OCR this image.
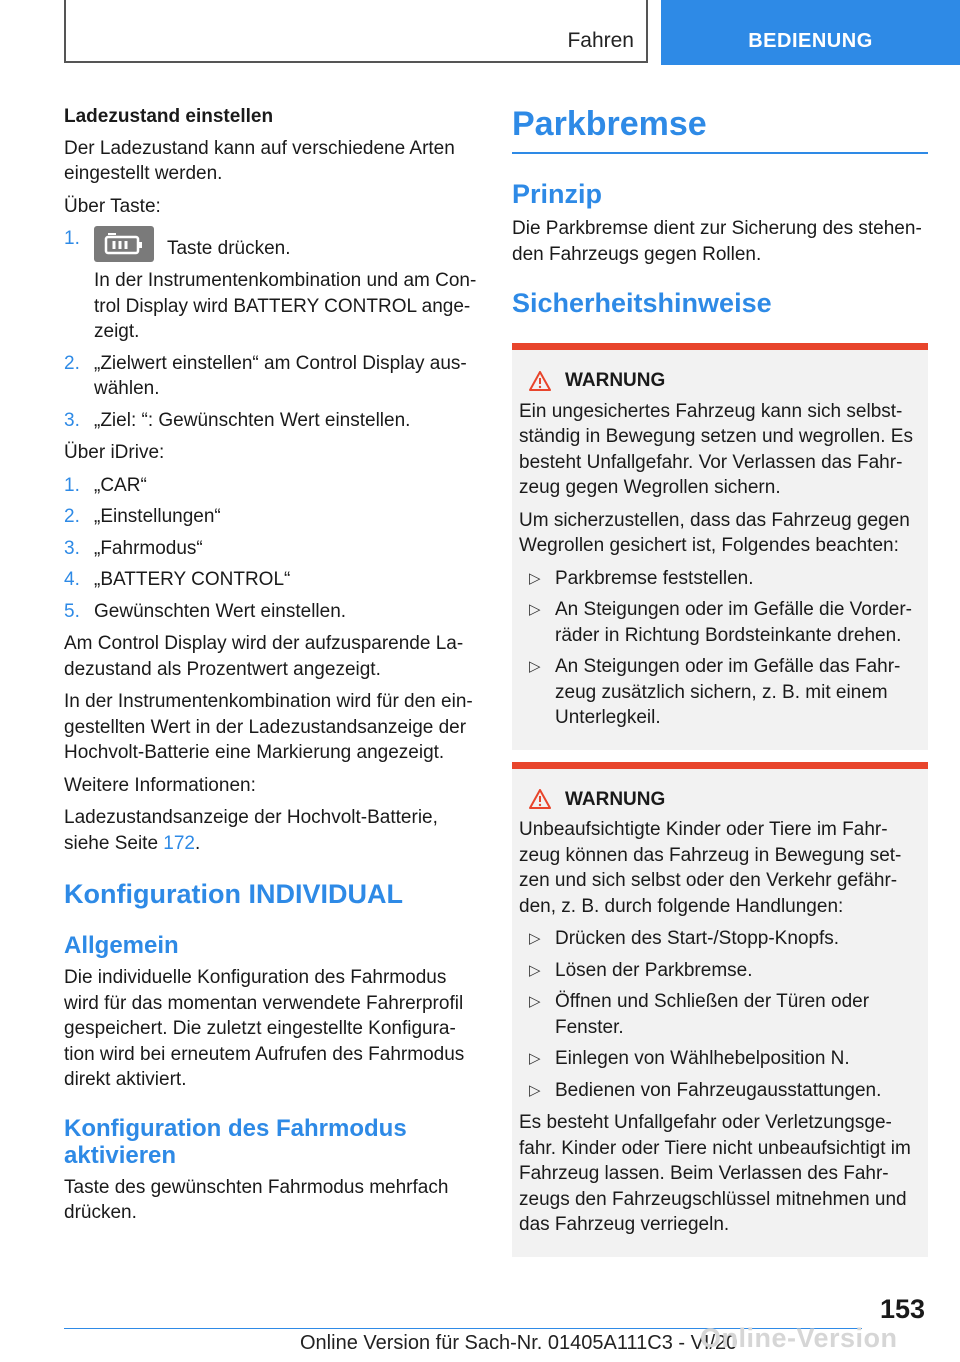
Fahren	BEDIENUNG

Ladezustand einstellen

Der Ladezustand kann auf verschiedene Arten eingestellt werden.

Über Taste:

1.	Taste drücken.
In der Instrumentenkombination und am Control Display wird BATTERY CONTROL angezeigt.
2. „Zielwert einstellen“ am Control Display auswählen.
3. „Ziel: “: Gewünschten Wert einstellen.

Über iDrive:

1. „CAR“
2. „Einstellungen“
3. „Fahrmodus“
4. „BATTERY CONTROL“
5. Gewünschten Wert einstellen.

Am Control Display wird der aufzusparende Ladezustand als Prozentwert angezeigt.

In der Instrumentenkombination wird für den eingestellten Wert in der Ladezustandsanzeige der Hochvolt-Batterie eine Markierung angezeigt.

Weitere Informationen:

Ladezustandsanzeige der Hochvolt-Batterie, siehe Seite 172.

Konfiguration INDIVIDUAL
Allgemein

Die individuelle Konfiguration des Fahrmodus wird für das momentan verwendete Fahrerprofil gespeichert. Die zuletzt eingestellte Konfiguration wird bei erneutem Aufrufen des Fahrmodus direkt aktiviert.

Konfiguration des Fahrmodus aktivieren

Taste des gewünschten Fahrmodus mehrfach drücken.

Parkbremse
Prinzip

Die Parkbremse dient zur Sicherung des stehenden Fahrzeugs gegen Rollen.

Sicherheitshinweise
WARNUNG

Ein ungesichertes Fahrzeug kann sich selbstständig in Bewegung setzen und wegrollen. Es besteht Unfallgefahr. Vor Verlassen das Fahrzeug gegen Wegrollen sichern.

Um sicherzustellen, dass das Fahrzeug gegen Wegrollen gesichert ist, Folgendes beachten:

▷ Parkbremse feststellen.
▷ An Steigungen oder im Gefälle die Vorderräder in Richtung Bordsteinkante drehen.
▷ An Steigungen oder im Gefälle das Fahrzeug zusätzlich sichern, z. B. mit einem Unterlegkeil.
WARNUNG

Unbeaufsichtigte Kinder oder Tiere im Fahrzeug können das Fahrzeug in Bewegung setzen und sich selbst oder den Verkehr gefährden, z. B. durch folgende Handlungen:

▷ Drücken des Start-/Stopp-Knopfs.
▷ Lösen der Parkbremse.
▷ Öffnen und Schließen der Türen oder Fenster.
▷ Einlegen von Wählhebelposition N.
▷ Bedienen von Fahrzeugausstattungen.

Es besteht Unfallgefahr oder Verletzungsgefahr. Kinder oder Tiere nicht unbeaufsichtigt im Fahrzeug lassen. Beim Verlassen des Fahrzeugs den Fahrzeugschlüssel mitnehmen und das Fahrzeug verriegeln.

153
Online Version für Sach-Nr. 01405A111C3 - VI/20
Online-Version
